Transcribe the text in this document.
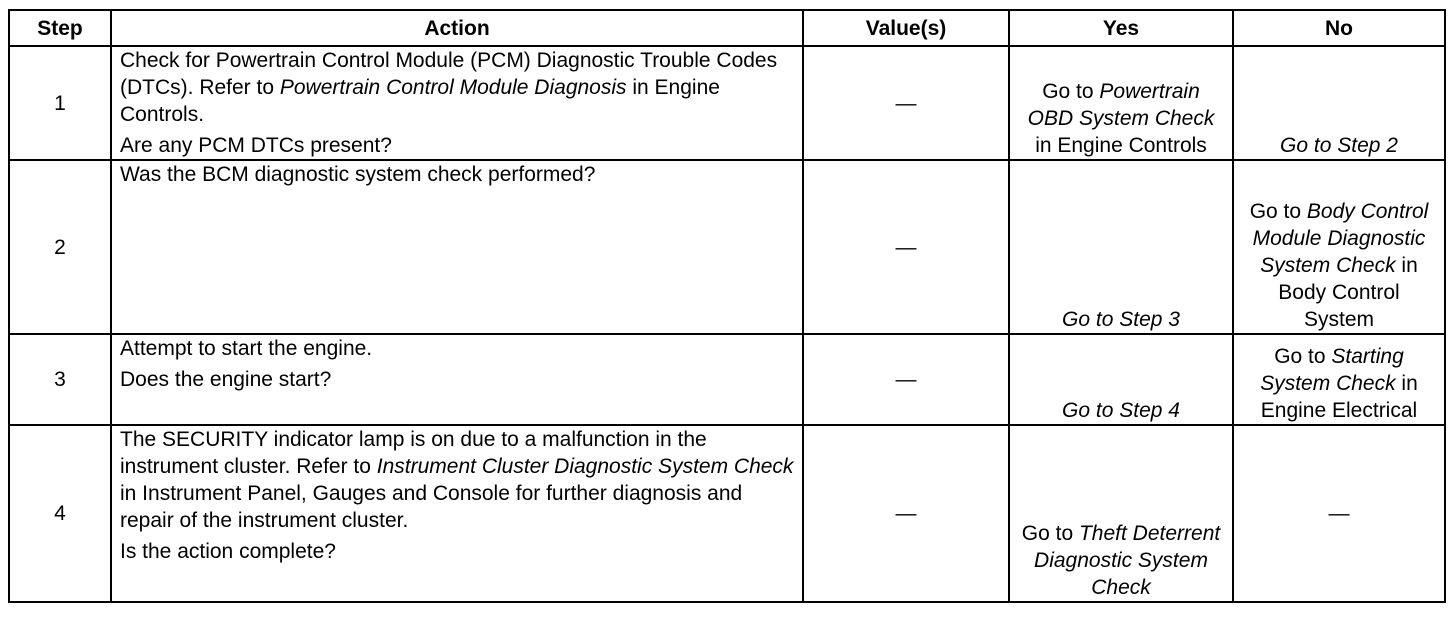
Step	Action	Value(s)	Yes	No
1	Check for Powertrain Control Module (PCM) Diagnostic Trouble Codes (DTCs). Refer to Powertrain Control Module Diagnosis in Engine Controls.

Are any PCM DTCs present?	—	Go to Powertrain OBD System Check in Engine Controls	Go to Step 2
2	Was the BCM diagnostic system check performed?	—	Go to Step 3	Go to Body Control Module Diagnostic System Check in Body Control System
3	Attempt to start the engine.

Does the engine start?	—	Go to Step 4	Go to Starting System Check in Engine Electrical
4	The SECURITY indicator lamp is on due to a malfunction in the instrument cluster. Refer to Instrument Cluster Diagnostic System Check in Instrument Panel, Gauges and Console for further diagnosis and repair of the instrument cluster.

Is the action complete?	—	Go to Theft Deterrent Diagnostic System Check	—
